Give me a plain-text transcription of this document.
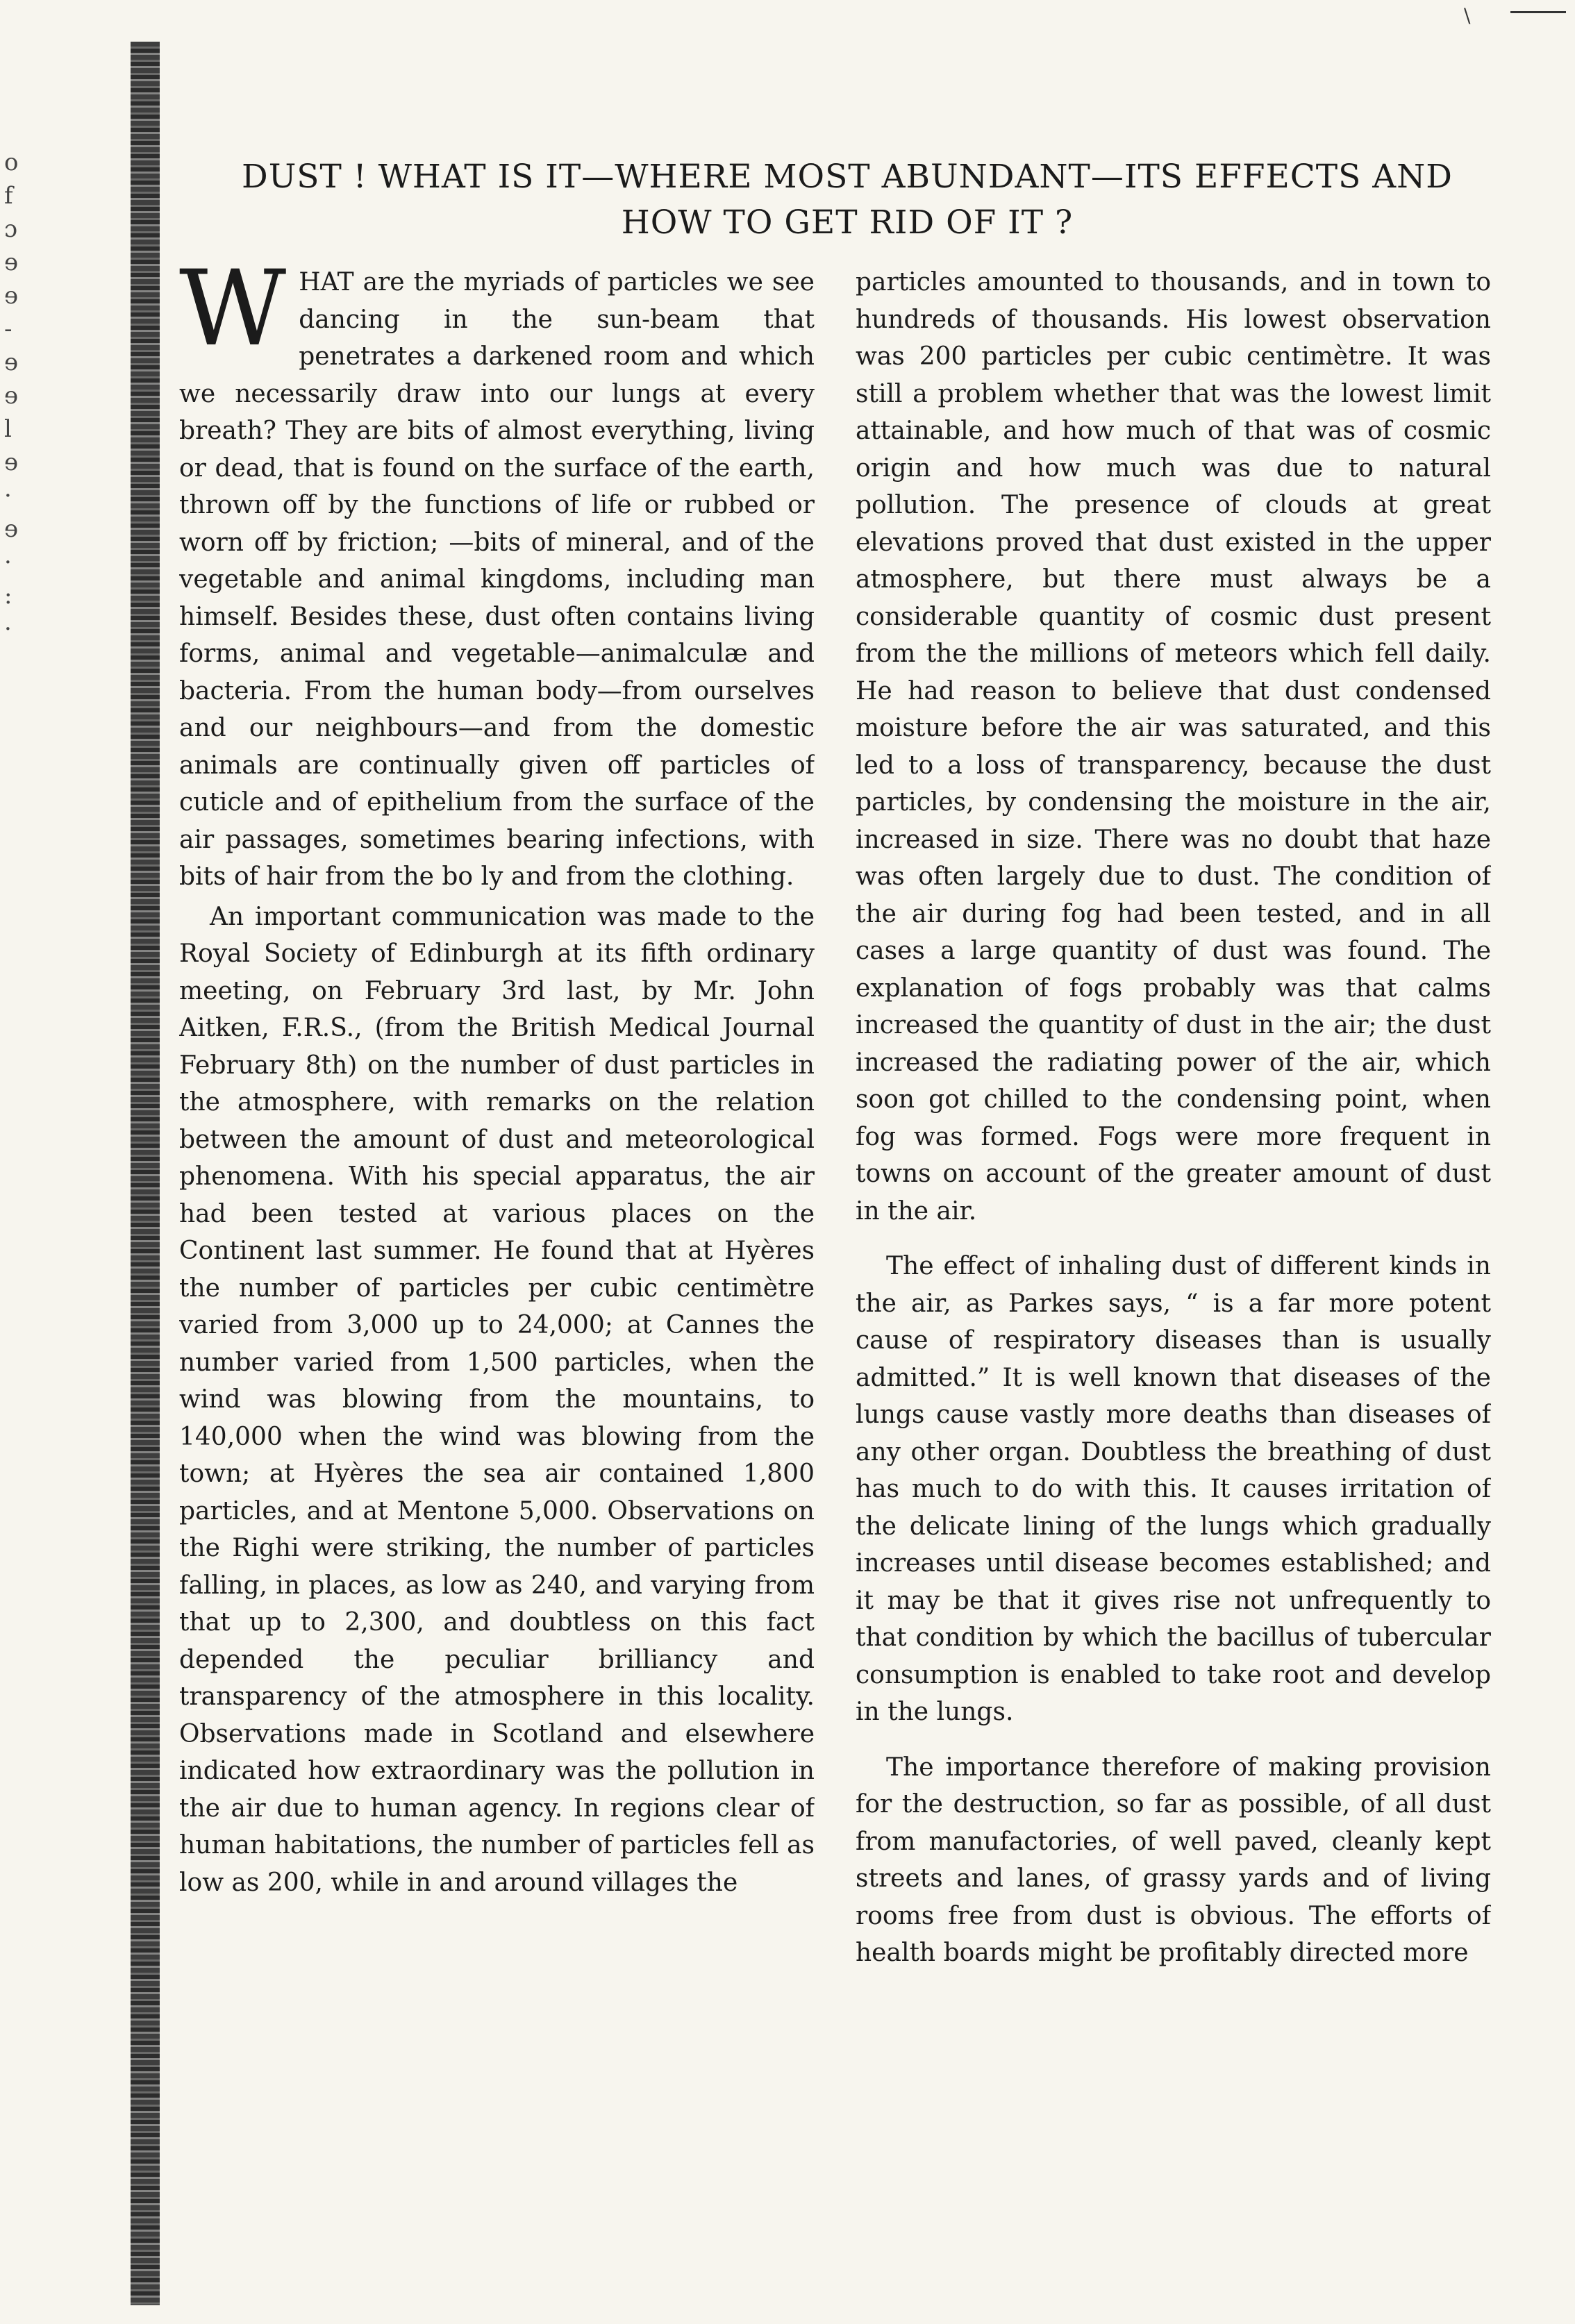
o
f
ɔ
ɘ
ɘ
-
ɘ
ɘ
l
ɘ
·
ɘ
·
:
·
\
DUST ! WHAT IS IT—WHERE MOST ABUNDANT—ITS EFFECTS AND
HOW TO GET RID OF IT ?

WHAT are the myriads of particles we see dancing in the sun-beam that penetrates a darkened room and which we necessarily draw into our lungs at every breath? They are bits of almost everything, living or dead, that is found on the surface of the earth, thrown off by the functions of life or rubbed or worn off by friction; —bits of mineral, and of the vegetable and animal kingdoms, including man himself. Besides these, dust often contains living forms, animal and vegetable—animalculæ and bacteria. From the human body—from ourselves and our neighbours—and from the domestic animals are continually given off particles of cuticle and of epithelium from the surface of the air passages, sometimes bearing infections, with bits of hair from the bo ly and from the clothing.

An important communication was made to the Royal Society of Edinburgh at its fifth ordinary meeting, on February 3rd last, by Mr. John Aitken, F.R.S., (from the British Medical Journal February 8th) on the number of dust particles in the atmosphere, with remarks on the relation between the amount of dust and meteorological phenomena. With his special apparatus, the air had been tested at various places on the Continent last summer. He found that at Hyères the number of particles per cubic centimètre varied from 3,000 up to 24,000; at Cannes the number varied from 1,500 particles, when the wind was blowing from the mountains, to 140,000 when the wind was blowing from the town; at Hyères the sea air contained 1,800 particles, and at Mentone 5,000. Observations on the Righi were striking, the number of particles falling, in places, as low as 240, and varying from that up to 2,300, and doubtless on this fact depended the peculiar brilliancy and transparency of the atmosphere in this locality. Observations made in Scotland and elsewhere indicated how extraordinary was the pollution in the air due to human agency. In regions clear of human habitations, the number of particles fell as low as 200, while in and around villages the

particles amounted to thousands, and in town to hundreds of thousands. His lowest observation was 200 particles per cubic centimètre. It was still a problem whether that was the lowest limit attainable, and how much of that was of cosmic origin and how much was due to natural pollution. The presence of clouds at great elevations proved that dust existed in the upper atmosphere, but there must always be a considerable quantity of cosmic dust present from the the millions of meteors which fell daily. He had reason to believe that dust condensed moisture before the air was saturated, and this led to a loss of transparency, because the dust particles, by condensing the moisture in the air, increased in size. There was no doubt that haze was often largely due to dust. The condition of the air during fog had been tested, and in all cases a large quantity of dust was found. The explanation of fogs probably was that calms increased the quantity of dust in the air; the dust increased the radiating power of the air, which soon got chilled to the condensing point, when fog was formed. Fogs were more frequent in towns on account of the greater amount of dust in the air.

The effect of inhaling dust of different kinds in the air, as Parkes says, “ is a far more potent cause of respiratory diseases than is usually admitted.” It is well known that diseases of the lungs cause vastly more deaths than diseases of any other organ. Doubtless the breathing of dust has much to do with this. It causes irritation of the delicate lining of the lungs which gradually increases until disease becomes established; and it may be that it gives rise not unfrequently to that condition by which the bacillus of tubercular consumption is enabled to take root and develop in the lungs.

The importance therefore of making provision for the destruction, so far as possible, of all dust from manufactories, of well paved, cleanly kept streets and lanes, of grassy yards and of living rooms free from dust is obvious. The efforts of health boards might be profitably directed more
